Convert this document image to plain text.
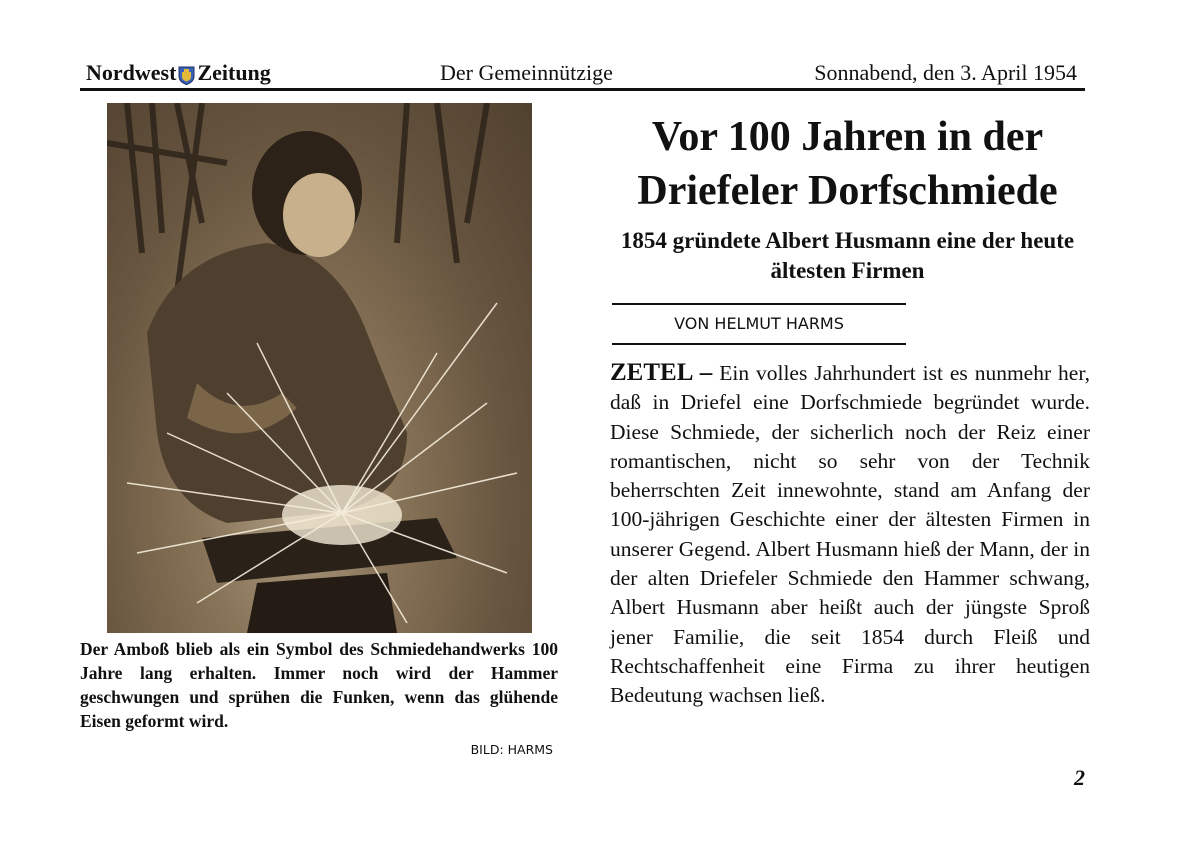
Nordwest Zeitung	Der Gemeinnützige	Sonnabend, den 3. April 1954
Der Amboß blieb als ein Symbol des Schmiedehandwerks 100 Jahre lang erhalten. Immer noch wird der Hammer geschwungen und sprühen die Funken, wenn das glühende Eisen geformt wird.
BILD: HARMS
Vor 100 Jahren in der Driefeler Dorfschmiede
1854 gründete Albert Husmann eine der heute ältesten Firmen
VON HELMUT HARMS

ZETEL – Ein volles Jahrhundert ist es nunmehr her, daß in Driefel eine Dorfschmiede begründet wurde. Diese Schmiede, der sicherlich noch der Reiz einer romantischen, nicht so sehr von der Technik beherrschten Zeit innewohnte, stand am Anfang der 100-jährigen Geschichte einer der ältesten Firmen in unserer Gegend. Albert Husmann hieß der Mann, der in der alten Driefeler Schmiede den Hammer schwang, Albert Husmann aber heißt auch der jüngste Sproß jener Familie, die seit 1854 durch Fleiß und Rechtschaffenheit eine Firma zu ihrer heutigen Bedeutung wachsen ließ.

2
